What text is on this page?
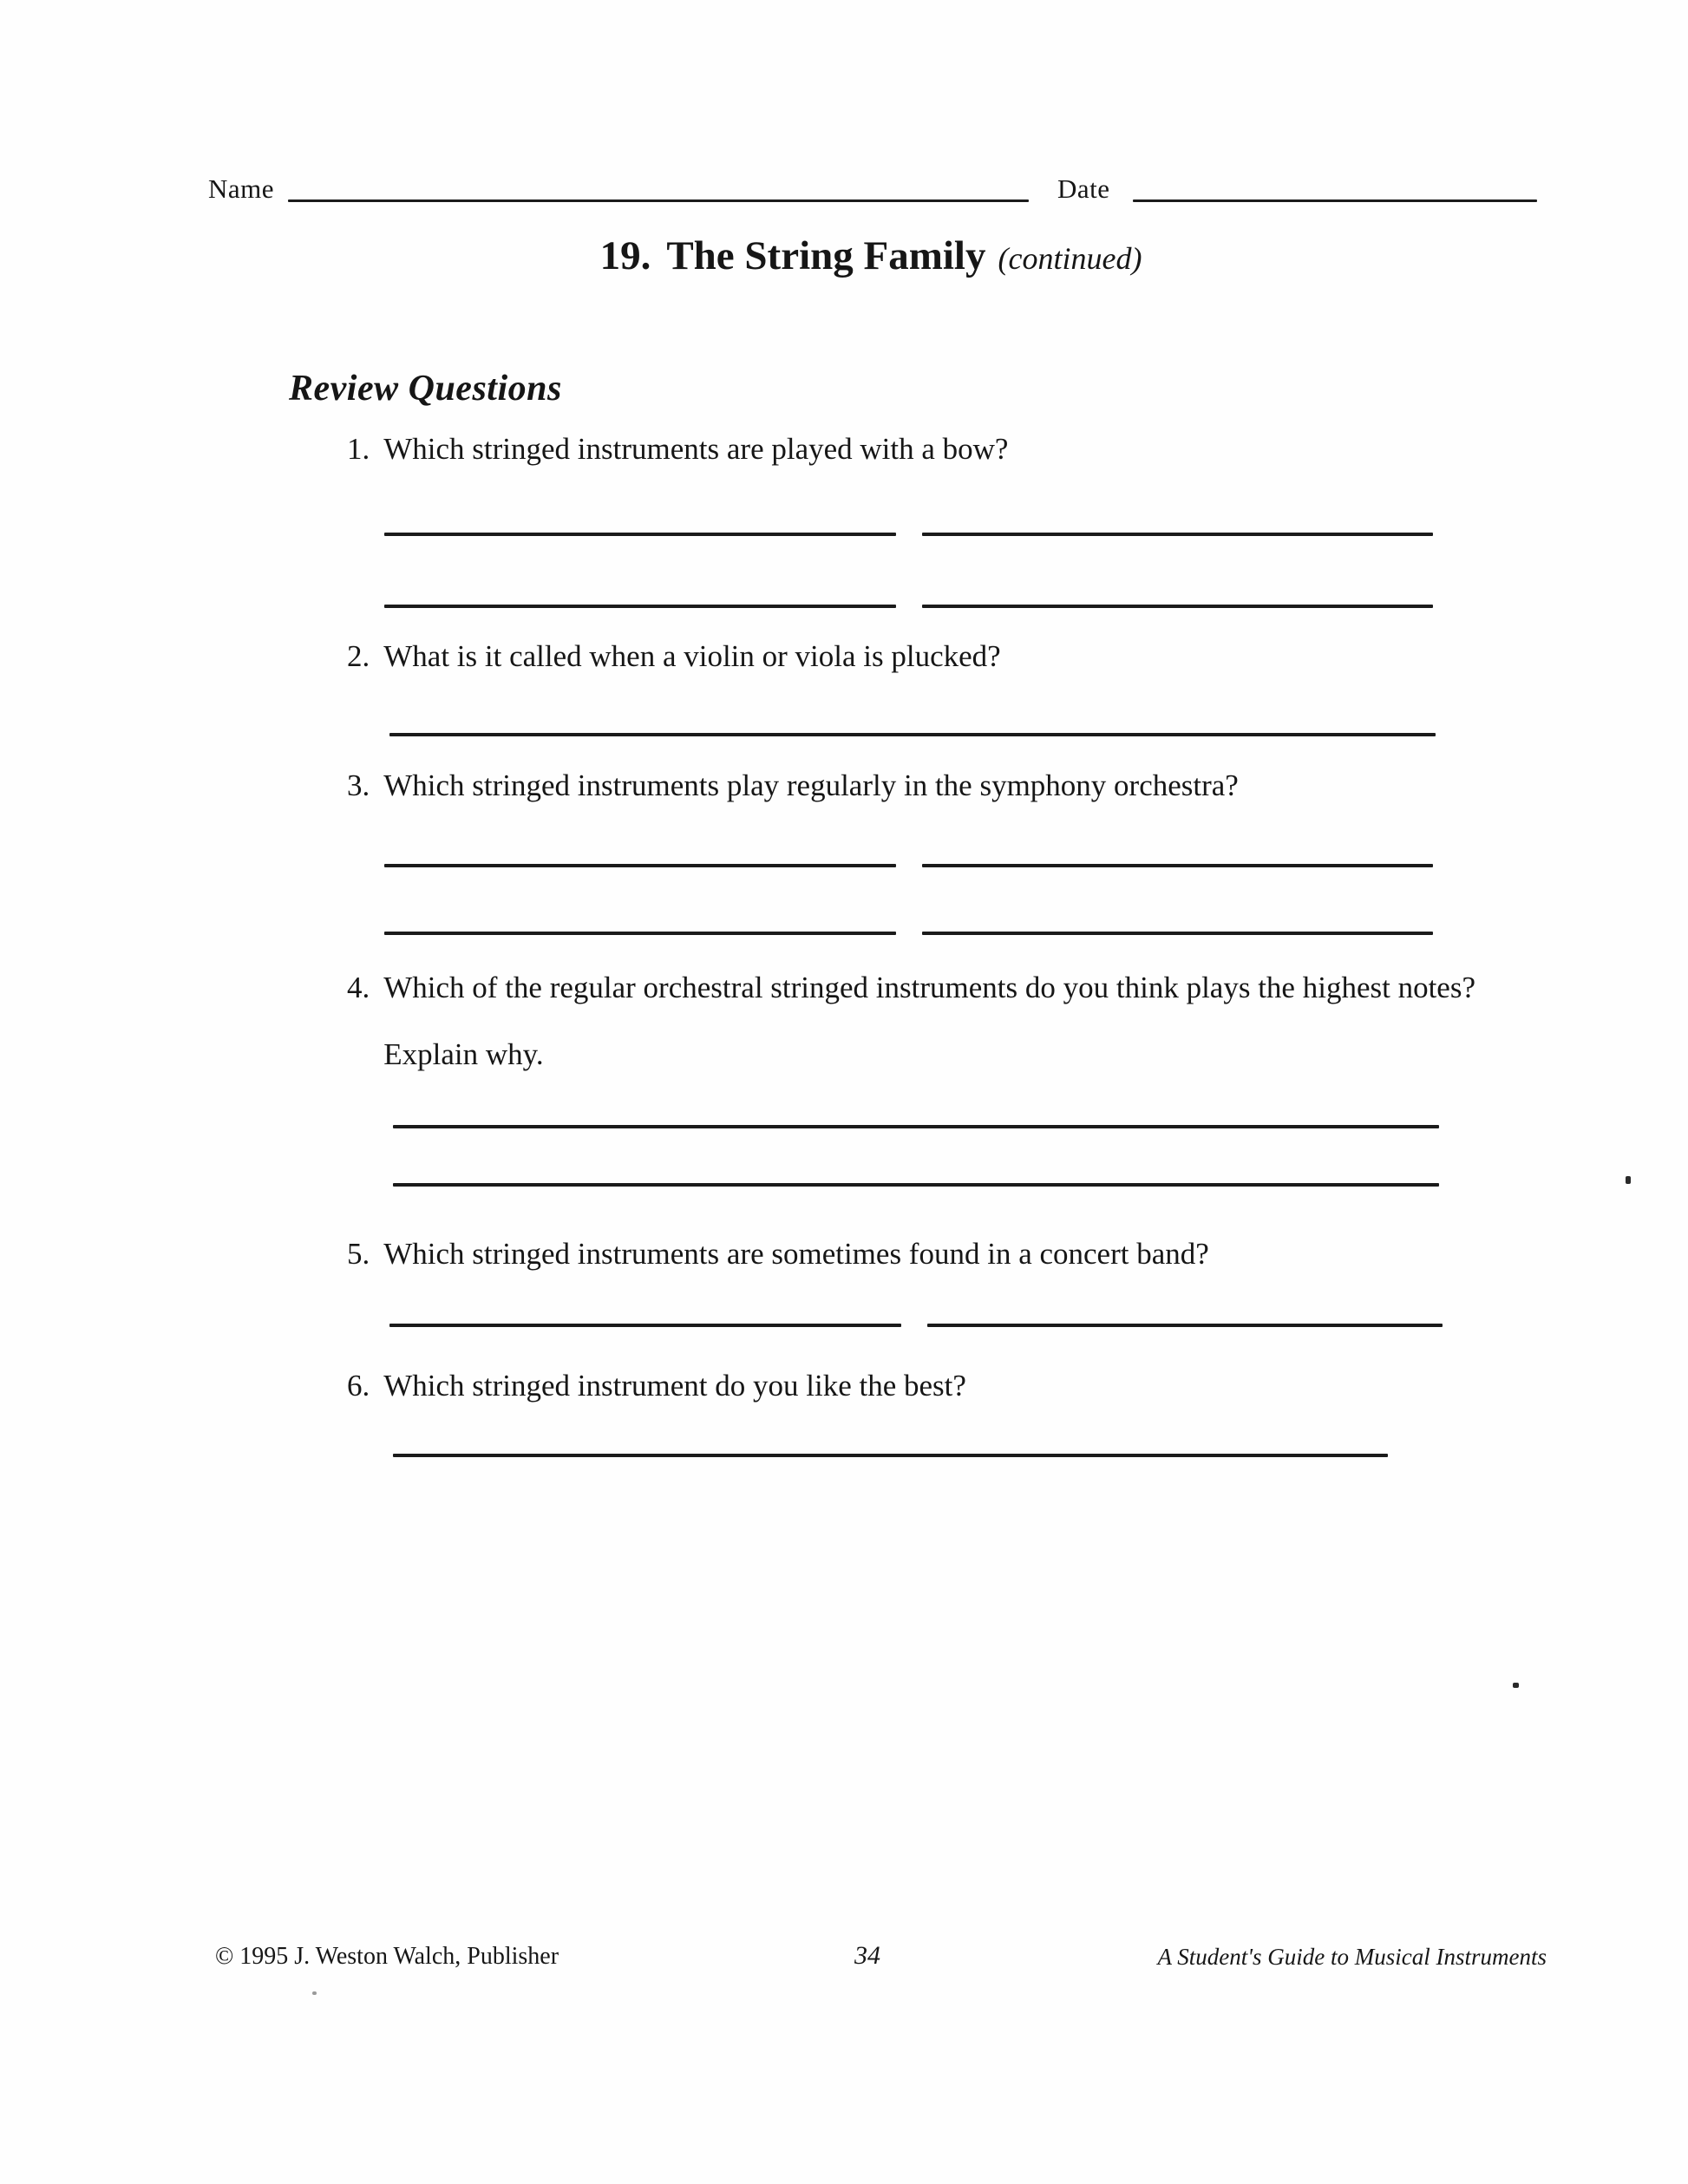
Name	Date
19. The String Family (continued)
Review Questions
1. Which stringed instruments are played with a bow?
2. What is it called when a violin or viola is plucked?
3. Which stringed instruments play regularly in the symphony orchestra?
4. Which of the regular orchestral stringed instruments do you think plays the highest notes? Explain why.
5. Which stringed instruments are sometimes found in a concert band?
6. Which stringed instrument do you like the best?
© 1995 J. Weston Walch, Publisher	34	A Student's Guide to Musical Instruments
